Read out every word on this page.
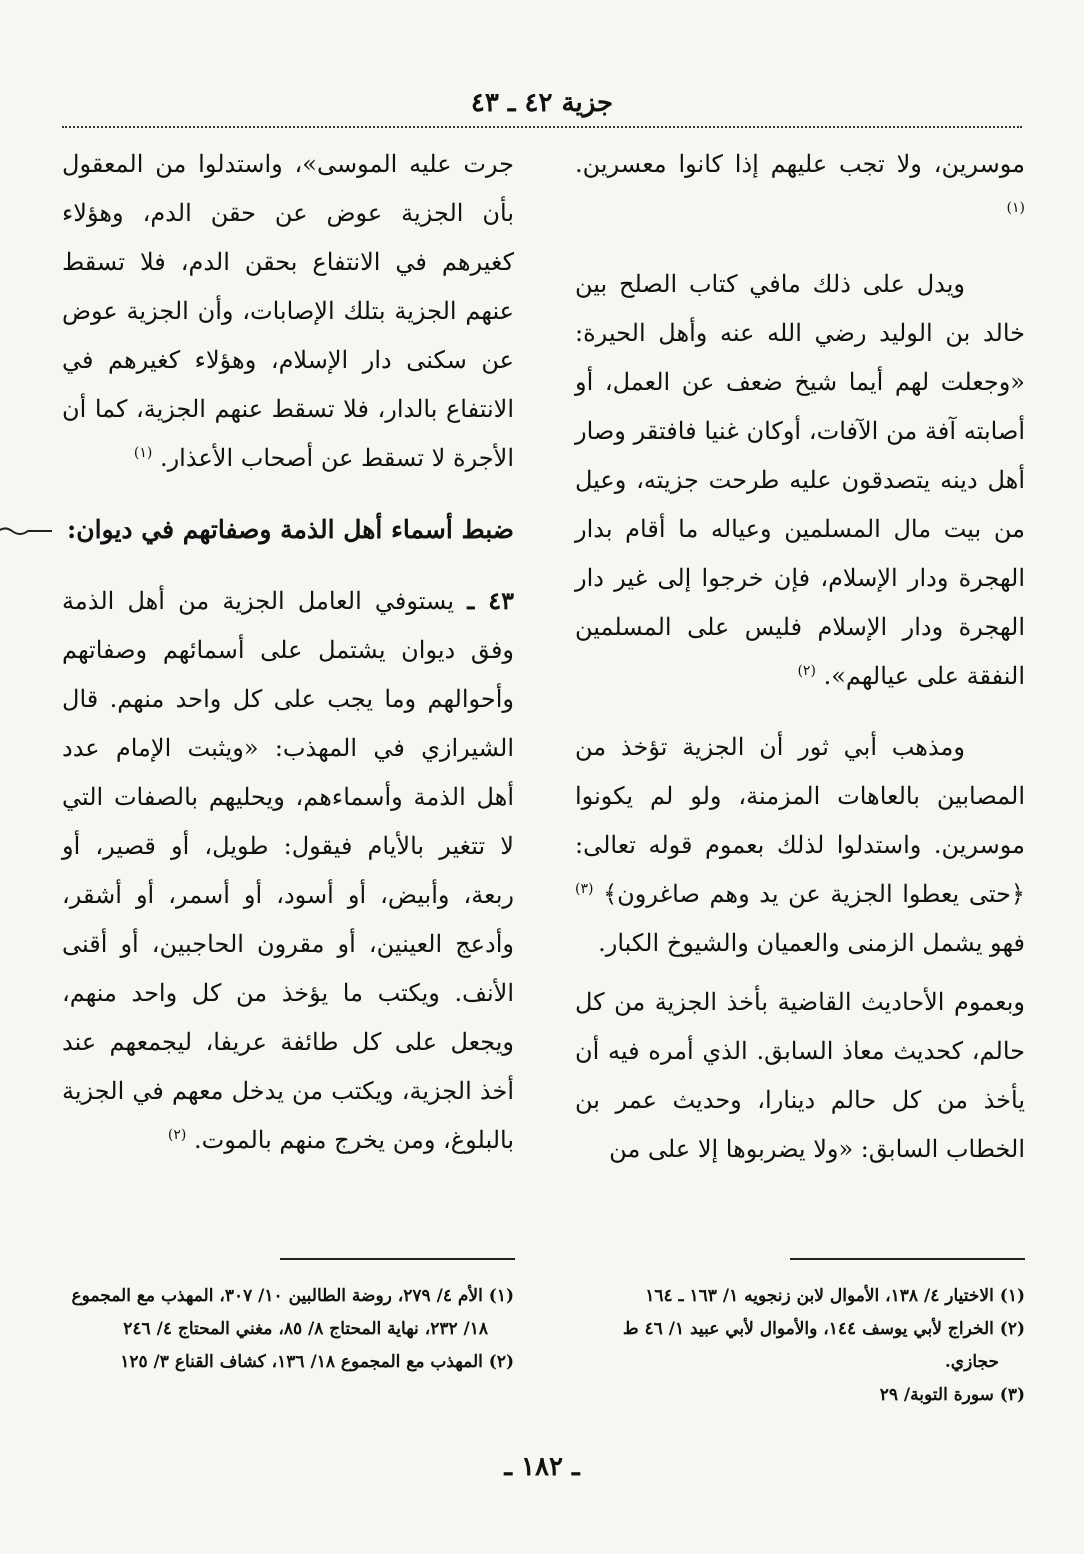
جزية ٤٢ ـ ٤٣

موسرين، ولا تجب عليهم إذا كانوا معسرين. $^{(١)}$

ويدل على ذلك مافي كتاب الصلح بين خالد بن الوليد رضي الله عنه وأهل الحيرة: «وجعلت لهم أيما شيخ ضعف عن العمل، أو أصابته آفة من الآفات، أوكان غنيا فافتقر وصار أهل دينه يتصدقون عليه طرحت جزيته، وعيل من بيت مال المسلمين وعياله ما أقام بدار الهجرة ودار الإسلام، فإن خرجوا إلى غير دار الهجرة ودار الإسلام فليس على المسلمين النفقة على عيالهم». $^{(٢)}$

ومذهب أبي ثور أن الجزية تؤخذ من المصابين بالعاهات المزمنة، ولو لم يكونوا موسرين. واستدلوا لذلك بعموم قوله تعالى: ﴿حتى يعطوا الجزية عن يد وهم صاغرون﴾ $^{(٣)}$ فهو يشمل الزمنى والعميان والشيوخ الكبار.

وبعموم الأحاديث القاضية بأخذ الجزية من كل حالم، كحديث معاذ السابق. الذي أمره فيه أن يأخذ من كل حالم دينارا، وحديث عمر بن الخطاب السابق: «ولا يضربوها إلا على من

جرت عليه الموسى»، واستدلوا من المعقول بأن الجزية عوض عن حقن الدم، وهؤلاء كغيرهم في الانتفاع بحقن الدم، فلا تسقط عنهم الجزية بتلك الإصابات، وأن الجزية عوض عن سكنى دار الإسلام، وهؤلاء كغيرهم في الانتفاع بالدار، فلا تسقط عنهم الجزية، كما أن الأجرة لا تسقط عن أصحاب الأعذار. $^{(١)}$

ضبط أسماء أهل الذمة وصفاتهم في ديوان:

٤٣ ـ يستوفي العامل الجزية من أهل الذمة وفق ديوان يشتمل على أسمائهم وصفاتهم وأحوالهم وما يجب على كل واحد منهم. قال الشيرازي في المهذب: «ويثبت الإمام عدد أهل الذمة وأسماءهم، ويحليهم بالصفات التي لا تتغير بالأيام فيقول: طويل، أو قصير، أو ربعة، وأبيض، أو أسود، أو أسمر، أو أشقر، وأدعج العينين، أو مقرون الحاجبين، أو أقنى الأنف. ويكتب ما يؤخذ من كل واحد منهم، ويجعل على كل طائفة عريفا، ليجمعهم عند أخذ الجزية، ويكتب من يدخل معهم في الجزية بالبلوغ، ومن يخرج منهم بالموت. $^{(٢)}$

(١) الاختيار ٤/ ١٣٨، الأموال لابن زنجويه ١/ ١٦٣ ـ ١٦٤

(٢) الخراج لأبي يوسف ١٤٤، والأموال لأبي عبيد ١/ ٤٦ ط حجازي.

(٣) سورة التوبة/ ٢٩

(١) الأم ٤/ ٢٧٩، روضة الطالبين ١٠/ ٣٠٧، المهذب مع المجموع ١٨/ ٢٣٢، نهاية المحتاج ٨/ ٨٥، مغني المحتاج ٤/ ٢٤٦

(٢) المهذب مع المجموع ١٨/ ١٣٦، كشاف القناع ٣/ ١٢٥

ـ ١٨٢ ـ
